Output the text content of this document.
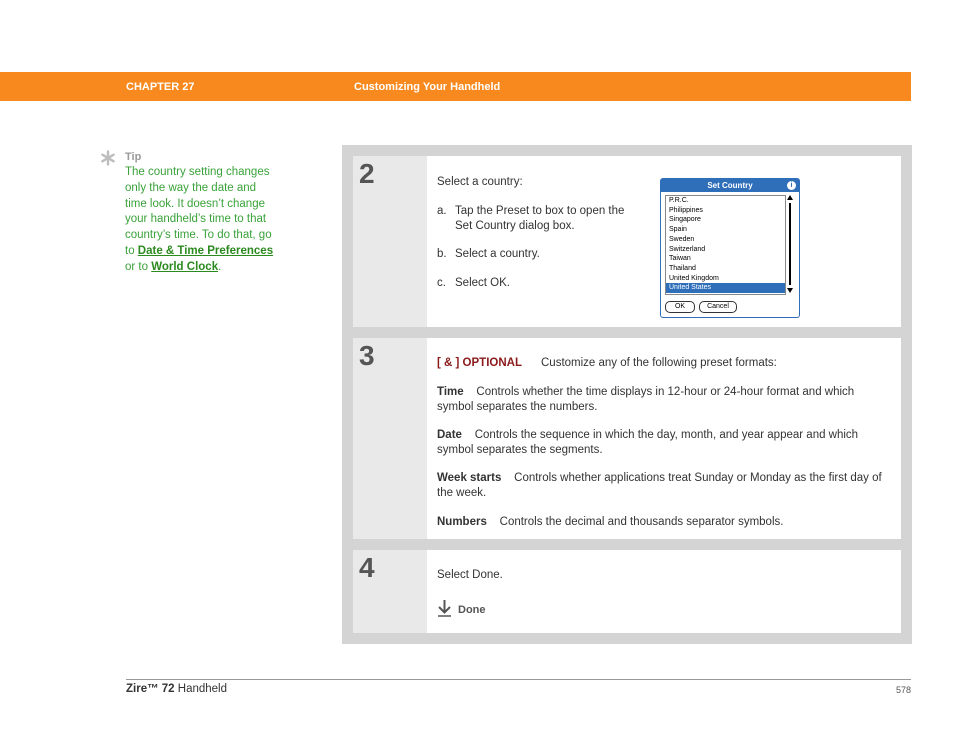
CHAPTER 27	Customizing Your Handheld
Tip
The country setting changes only the way the date and time look. It doesn’t change your handheld’s time to that country’s time. To do that, go to Date & Time Preferences or to World Clock.
2	Select a country:
a. Tap the Preset to box to open the Set Country dialog box.
b. Select a country.
c. Select OK.
Set Country	i
P.R.C.
Philippines
Singapore
Spain
Sweden
Switzerland
Taiwan
Thailand
United Kingdom
United States
OK	Cancel
3	[ & ] OPTIONAL Customize any of the following preset formats:
Time Controls whether the time displays in 12-hour or 24-hour format and which symbol separates the numbers.
Date Controls the sequence in which the day, month, and year appear and which symbol separates the segments.
Week starts Controls whether applications treat Sunday or Monday as the first day of the week.
Numbers Controls the decimal and thousands separator symbols.
4	Select Done.
Done
Zire™ 72 Handheld	578
